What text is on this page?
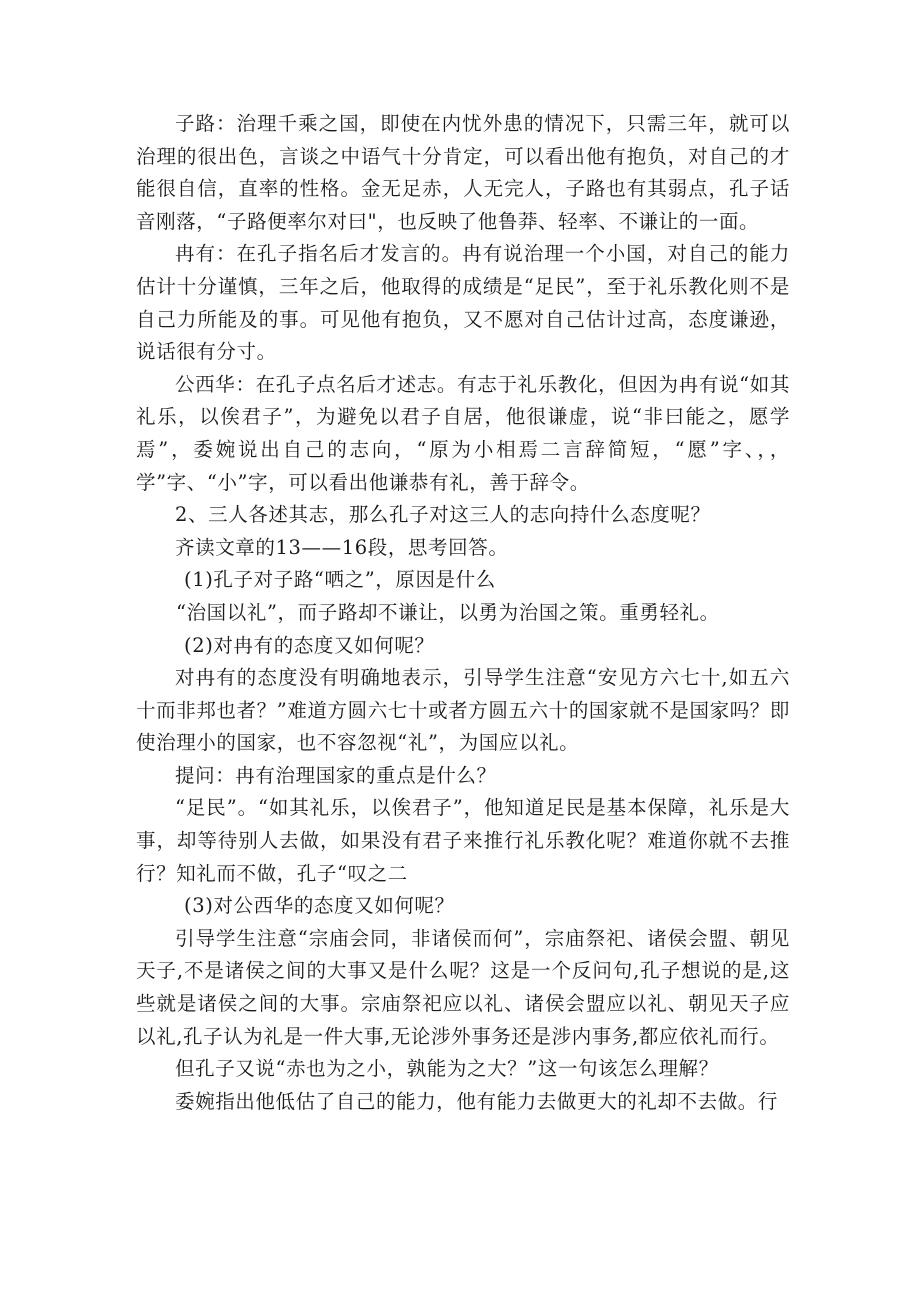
子路：治理千乘之国，即使在内忧外患的情况下，只需三年，就可以治理的很出色，言谈之中语气十分肯定，可以看出他有抱负，对自己的才能很自信，直率的性格。金无足赤，人无完人，子路也有其弱点，孔子话音刚落，“子路便率尔对曰"，也反映了他鲁莽、轻率、不谦让的一面。

冉有：在孔子指名后才发言的。冉有说治理一个小国，对自己的能力估计十分谨慎，三年之后，他取得的成绩是“足民”，至于礼乐教化则不是自己力所能及的事。可见他有抱负，又不愿对自己估计过高，态度谦逊，说话很有分寸。

公西华：在孔子点名后才述志。有志于礼乐教化，但因为冉有说“如其礼乐，以俟君子”，为避免以君子自居，他很谦虚，说“非曰能之，愿学焉”，委婉说出自己的志向，“原为小相焉二言辞简短，“愿”字、，，学”字、“小”字，可以看出他谦恭有礼，善于辞令。

2、三人各述其志，那么孔子对这三人的志向持什么态度呢？

齐读文章的13——16段，思考回答。

(1)孔子对子路“哂之”，原因是什么

“治国以礼”，而子路却不谦让，以勇为治国之策。重勇轻礼。

(2)对冉有的态度又如何呢？

对冉有的态度没有明确地表示，引导学生注意“安见方六七十,如五六十而非邦也者？”难道方圆六七十或者方圆五六十的国家就不是国家吗？即使治理小的国家，也不容忽视“礼”，为国应以礼。

提问：冉有治理国家的重点是什么？

“足民”。“如其礼乐，以俟君子”，他知道足民是基本保障，礼乐是大事，却等待别人去做，如果没有君子来推行礼乐教化呢？难道你就不去推行？知礼而不做，孔子“叹之二

(3)对公西华的态度又如何呢？

引导学生注意“宗庙会同，非诸侯而何”，宗庙祭祀、诸侯会盟、朝见天子,不是诸侯之间的大事又是什么呢？这是一个反问句,孔子想说的是,这些就是诸侯之间的大事。宗庙祭祀应以礼、诸侯会盟应以礼、朝见天子应以礼,孔子认为礼是一件大事,无论涉外事务还是涉内事务,都应依礼而行。

但孔子又说“赤也为之小，孰能为之大？”这一句该怎么理解？

委婉指出他低估了自己的能力，他有能力去做更大的礼却不去做。行
